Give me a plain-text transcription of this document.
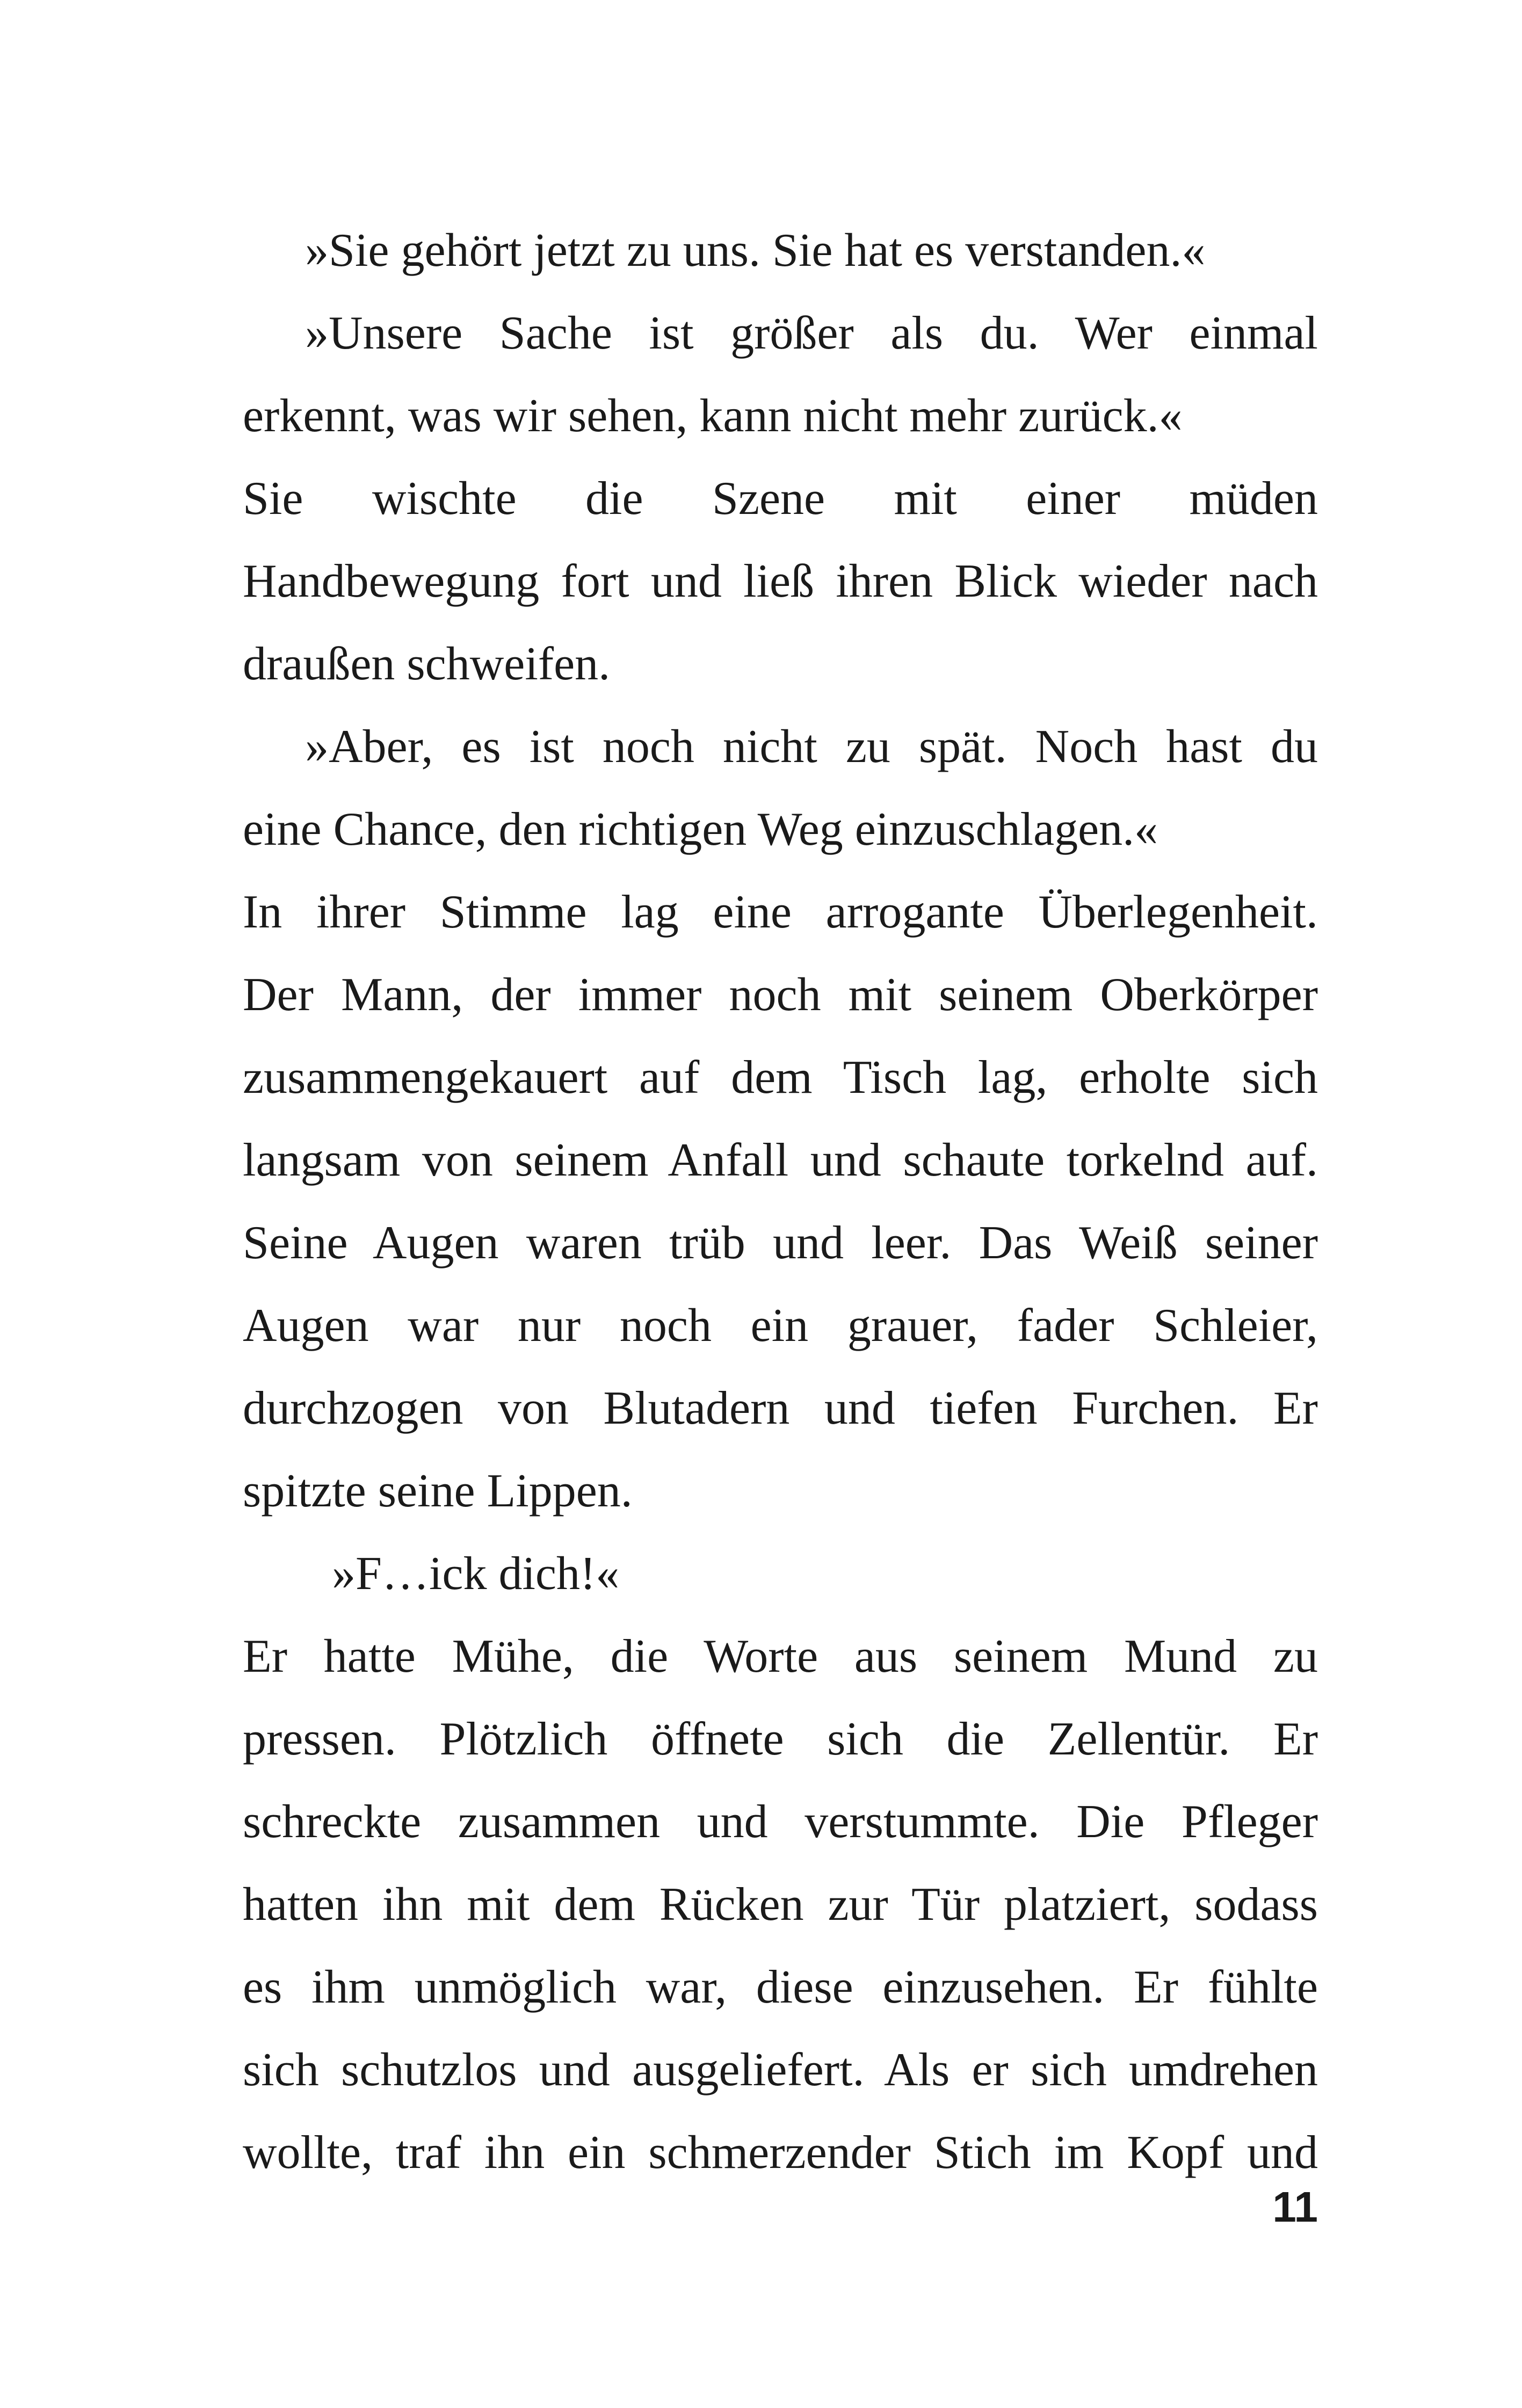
»Sie gehört jetzt zu uns. Sie hat es verstanden.«
»Unsere Sache ist größer als du. Wer einmal
erkennt, was wir sehen, kann nicht mehr zurück.«
Sie wischte die Szene mit einer müden
Handbewegung fort und ließ ihren Blick wieder nach
draußen schweifen.
»Aber, es ist noch nicht zu spät. Noch hast du
eine Chance, den richtigen Weg einzuschlagen.«
In ihrer Stimme lag eine arrogante Überlegenheit.
Der Mann, der immer noch mit seinem Oberkörper
zusammengekauert auf dem Tisch lag, erholte sich
langsam von seinem Anfall und schaute torkelnd auf.
Seine Augen waren trüb und leer. Das Weiß seiner
Augen war nur noch ein grauer, fader Schleier,
durchzogen von Blutadern und tiefen Furchen. Er
spitzte seine Lippen.
»F…ick dich!«
Er hatte Mühe, die Worte aus seinem Mund zu
pressen. Plötzlich öffnete sich die Zellentür. Er
schreckte zusammen und verstummte. Die Pfleger
hatten ihn mit dem Rücken zur Tür platziert, sodass
es ihm unmöglich war, diese einzusehen. Er fühlte
sich schutzlos und ausgeliefert. Als er sich umdrehen
wollte, traf ihn ein schmerzender Stich im Kopf und
11
